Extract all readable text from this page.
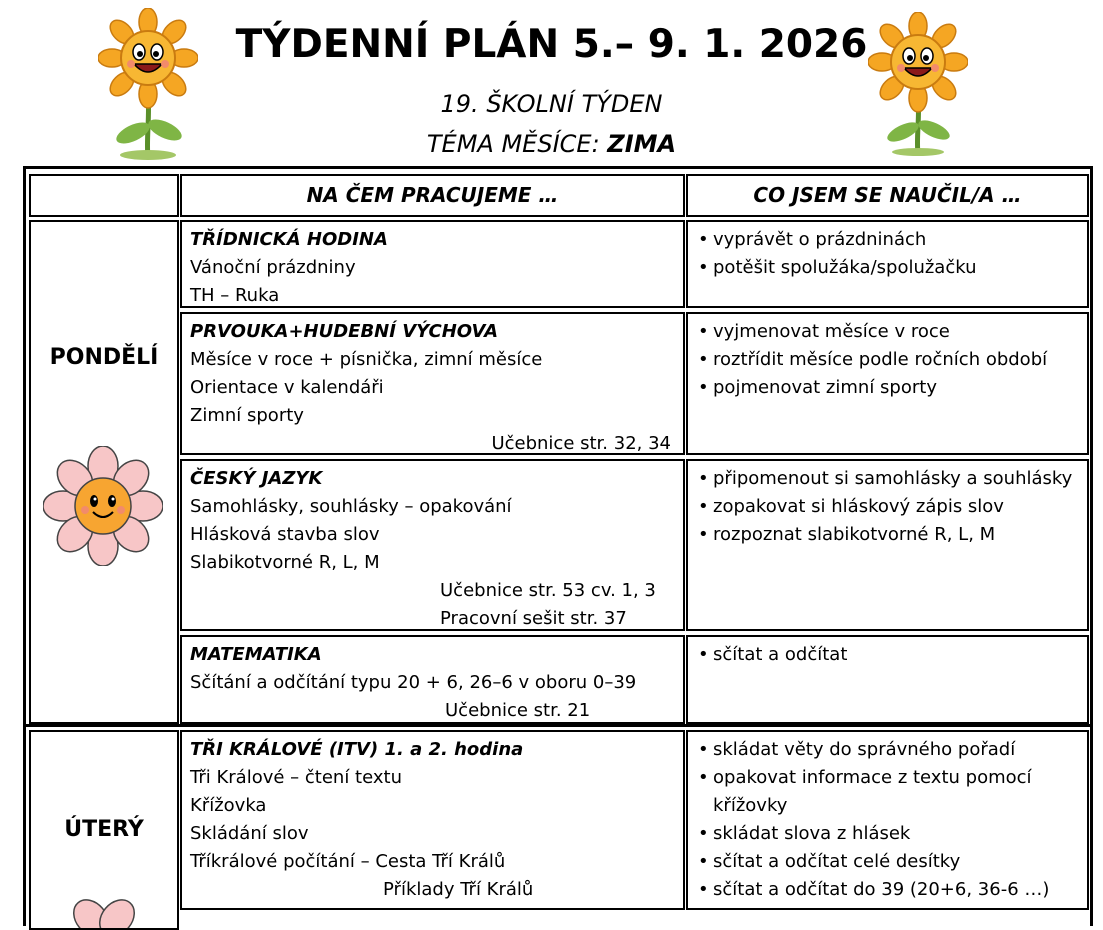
TÝDENNÍ PLÁN 5.– 9. 1. 2026
19. ŠKOLNÍ TÝDEN
TÉMA MĚSÍCE: ZIMA
NA ČEM PRACUJEME …	CO JSEM SE NAUČIL/A …
PONDĚLÍ
TŘÍDNICKÁ HODINA
Vánoční prázdniny
TH – Ruka
• vyprávět o prázdninách
• potěšit spolužáka/spolužačku
PRVOUKA+HUDEBNÍ VÝCHOVA
Měsíce v roce + písnička, zimní měsíce
Orientace v kalendáři
Zimní sporty
Učebnice str. 32, 34
• vyjmenovat měsíce v roce
• roztřídit měsíce podle ročních období
• pojmenovat zimní sporty
ČESKÝ JAZYK
Samohlásky, souhlásky – opakování
Hlásková stavba slov
Slabikotvorné R, L, M
Učebnice str. 53 cv. 1, 3
Pracovní sešit str. 37
• připomenout si samohlásky a souhlásky
• zopakovat si hláskový zápis slov
• rozpoznat slabikotvorné R, L, M
MATEMATIKA
Sčítání a odčítání typu 20 + 6, 26–6 v oboru 0–39
Učebnice str. 21
• sčítat a odčítat
ÚTERÝ
TŘI KRÁLOVÉ (ITV) 1. a 2. hodina
Tři Králové – čtení textu
Křížovka
Skládání slov
Tříkrálové počítání – Cesta Tří Králů
Příklady Tří Králů
• skládat věty do správného pořadí
• opakovat informace z textu pomocí křížovky
• skládat slova z hlásek
• sčítat a odčítat celé desítky
• sčítat a odčítat do 39 (20+6, 36-6 …)
